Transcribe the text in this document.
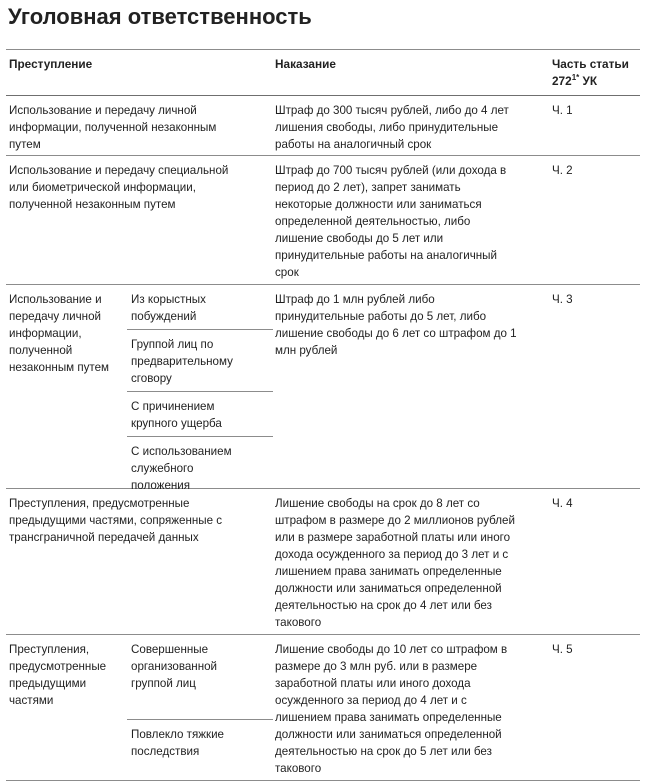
Уголовная ответственность
Преступление	Наказание	Часть статьи
$272^{1*}$ УК
Использование и передачу личной
информации, полученной незаконным
путем
Штраф до 300 тысяч рублей, либо до 4 лет
лишения свободы, либо принудительные
работы на аналогичный срок
Ч. 1
Использование и передачу специальной
или биометрической информации,
полученной незаконным путем
Штраф до 700 тысяч рублей (или дохода в
период до 2 лет), запрет занимать
некоторые должности или заниматься
определенной деятельностью, либо
лишение свободы до 5 лет или
принудительные работы на аналогичный
срок
Ч. 2
Использование и
передачу личной
информации,
полученной
незаконным путем
Из корыстных
побуждений
Группой лиц по
предварительному
сговору
С причинением
крупного ущерба
С использованием
служебного
положения
Штраф до 1 млн рублей либо
принудительные работы до 5 лет, либо
лишение свободы до 6 лет со штрафом до 1
млн рублей
Ч. 3
Преступления, предусмотренные
предыдущими частями, сопряженные с
трансграничной передачей данных
Лишение свободы на срок до 8 лет со
штрафом в размере до 2 миллионов рублей
или в размере заработной платы или иного
дохода осужденного за период до 3 лет и с
лишением права занимать определенные
должности или заниматься определенной
деятельностью на срок до 4 лет или без
такового
Ч. 4
Преступления,
предусмотренные
предыдущими
частями
Совершенные
организованной
группой лиц
Повлекло тяжкие
последствия
Лишение свободы до 10 лет со штрафом в
размере до 3 млн руб. или в размере
заработной платы или иного дохода
осужденного за период до 4 лет и с
лишением права занимать определенные
должности или заниматься определенной
деятельностью на срок до 5 лет или без
такового
Ч. 5
